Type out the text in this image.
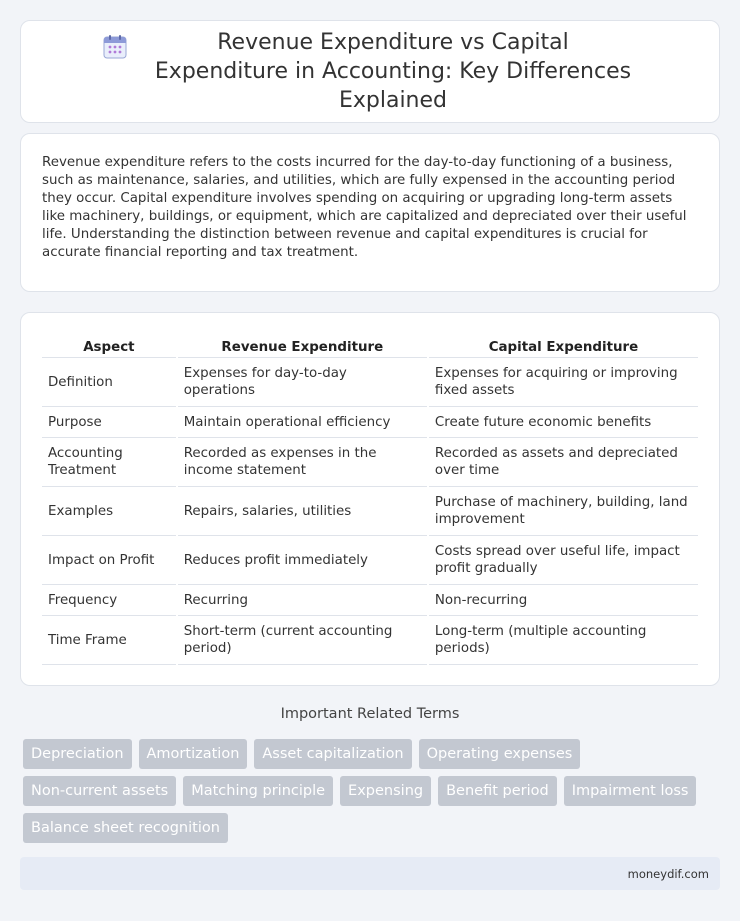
Revenue Expenditure vs Capital Expenditure in Accounting: Key Differences Explained

Revenue expenditure refers to the costs incurred for the day-to-day functioning of a business, such as maintenance, salaries, and utilities, which are fully expensed in the accounting period they occur. Capital expenditure involves spending on acquiring or upgrading long-term assets like machinery, buildings, or equipment, which are capitalized and depreciated over their useful life. Understanding the distinction between revenue and capital expenditures is crucial for accurate financial reporting and tax treatment.

Aspect	Revenue Expenditure	Capital Expenditure
Definition	Expenses for day-to-day operations	Expenses for acquiring or improving fixed assets
Purpose	Maintain operational efficiency	Create future economic benefits
Accounting Treatment	Recorded as expenses in the income statement	Recorded as assets and depreciated over time
Examples	Repairs, salaries, utilities	Purchase of machinery, building, land improvement
Impact on Profit	Reduces profit immediately	Costs spread over useful life, impact profit gradually
Frequency	Recurring	Non-recurring
Time Frame	Short-term (current accounting period)	Long-term (multiple accounting periods)
Important Related Terms
Depreciation	Amortization	Asset capitalization	Operating expenses
Non-current assets	Matching principle	Expensing	Benefit period	Impairment loss
Balance sheet recognition
moneydif.com
